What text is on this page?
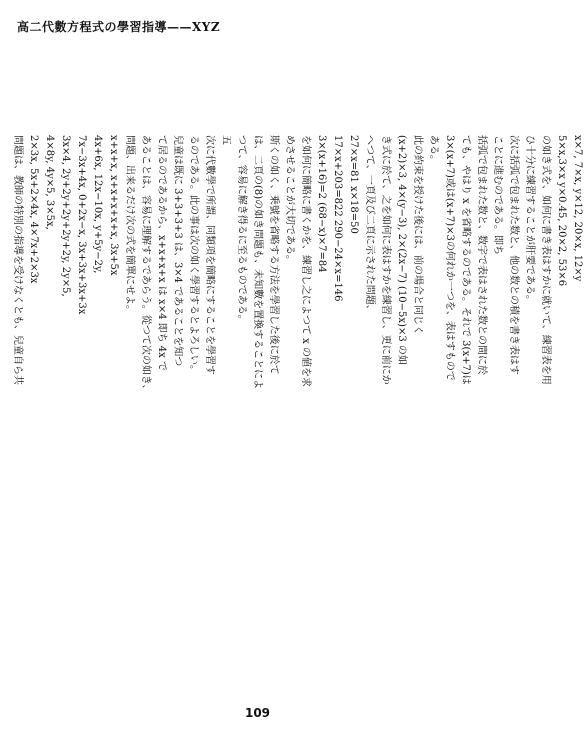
高二代數方程式の學習指導——XYZ

x×7, 7×x, y×12, 20×x, 12×y

5×x,3×x y×0.45, 20×2, 53×6

の如き式を、如何に書き表はすかに就いて、練習表を用

ひ十分に練習することが肝要である。

次に括弧で包まれた数と、他の数との積を書き表はす

ことに進むのである。即ち

括弧で包まれた数と、数字で表はされた数との間に於

ても、やはり x を省略するのである。それで 3(x+7)は

3×(x+7)或は(x+7)×3の何れか一つを、表はすもので

ある。

此の約束を授けた後には、前の場合と同じく

(x+2)×3, 4×(y−3), 2×(2x−7) (10−5x)×3 の如

き式に於て、之を如何に表はすかを練習し、更に前にか

へつて、一頁及び二頁に示された問題、

27×x=81 x×18=50

17×x+203=822 290−24×x=146

3×(x+16)=2 (68−x)×7=84

を如何に簡略に書くかを、練習し之によつて x の値を求

めさせることが大切である。

斯くの如く、乗號を省略する方法を學習した後に於て

は、二頁の(8)の如き問題も、未知數を置換することによ

つて、容易に解き得るに至るものである。

五

次に代數學で所謂、同類項を簡略にすることを學習す

るのである。此の事は次の如く學習するとよろしい。

兒童は既に 3+3+3+3 は、3×4 であることを知つ

て居るのであるから、x+x+x+x は x×4 即ち 4x で

あることは、容易に理解するであらう。從つて次の如き、

問題、出来るだけ次の式を簡單にせよ。

x+x+x, x+x+x+x+x, 3x+5x

4x+6x, 12x−10x, y+5y−2y,

7x−3x+4x, 0+2x−x, 3x+3x+3x+3x

3x×4, 2y+2y+2y+2y+2y, 2y×5,

4×8y, 4y×5, 3×5x,

2×3x, 5x+2×4x, 4×7x+2×3x

問題は、教師の特別の指導を受けなくとも、兒童自ら共

109
